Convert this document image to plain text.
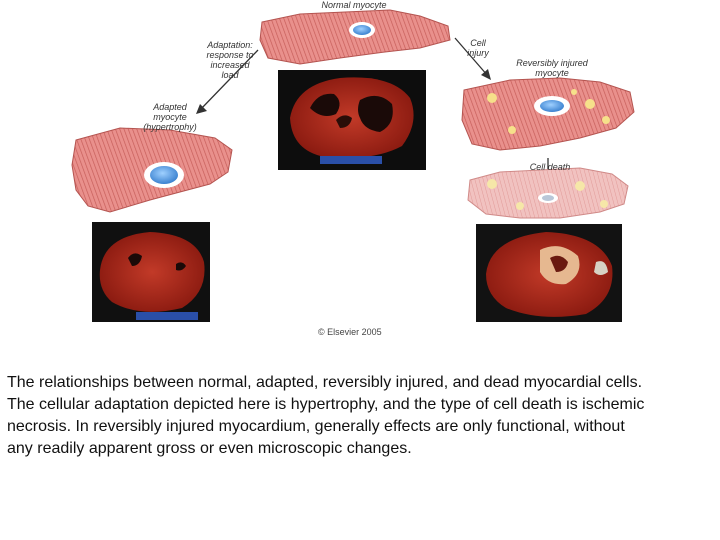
Normal myocyte
Adaptation:
response to
increased
load
Cell
injury
Reversibly injured
myocyte
Adapted
myocyte
(hypertrophy)
Cell death
© Elsevier 2005
The relationships between normal, adapted, reversibly injured, and dead myocardial cells.
The cellular adaptation depicted here is hypertrophy, and the type of cell death is ischemic
necrosis. In reversibly injured myocardium, generally effects are only functional, without
any readily apparent gross or even microscopic changes.
